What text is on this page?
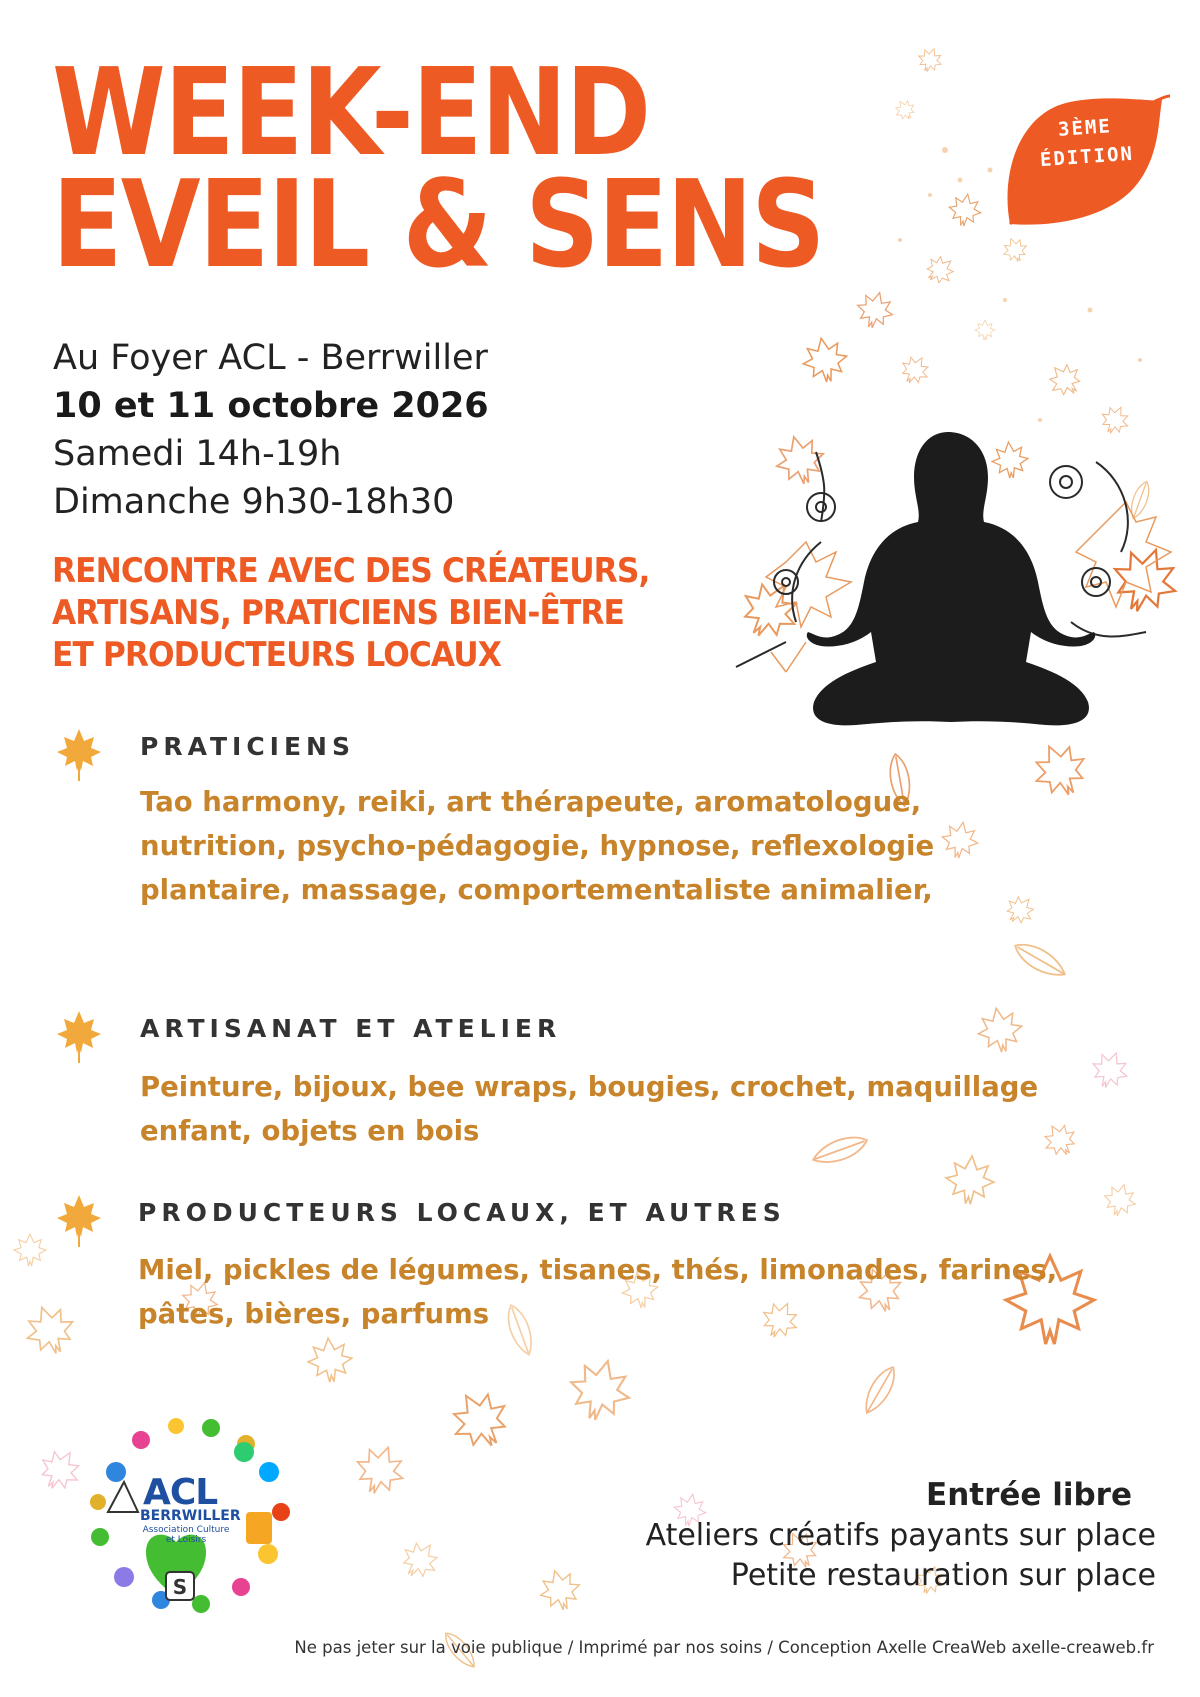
WEEK-END
EVEIL & SENS
3ÈME
ÉDITION
Au Foyer ACL - Berrwiller
10 et 11 octobre 2026
Samedi 14h-19h
Dimanche 9h30-18h30
RENCONTRE AVEC DES CRÉATEURS,
ARTISANS, PRATICIENS BIEN-ÊTRE
ET PRODUCTEURS LOCAUX
PRATICIENS

Tao harmony, reiki, art thérapeute, aromatologue,
nutrition, psycho-pédagogie, hypnose, reflexologie
plantaire, massage, comportementaliste animalier,

ARTISANAT ET ATELIER

Peinture, bijoux, bee wraps, bougies, crochet, maquillage
enfant, objets en bois

PRODUCTEURS LOCAUX, ET AUTRES

Miel, pickles de légumes, tisanes, thés, limonades, farines,
pâtes, bières, parfums

S
ACL
BERRWILLER
Association Culture
et Loisirs
Entrée libre
Ateliers créatifs payants sur place
Petite restauration sur place
Ne pas jeter sur la voie publique / Imprimé par nos soins / Conception Axelle CreaWeb axelle-creaweb.fr
